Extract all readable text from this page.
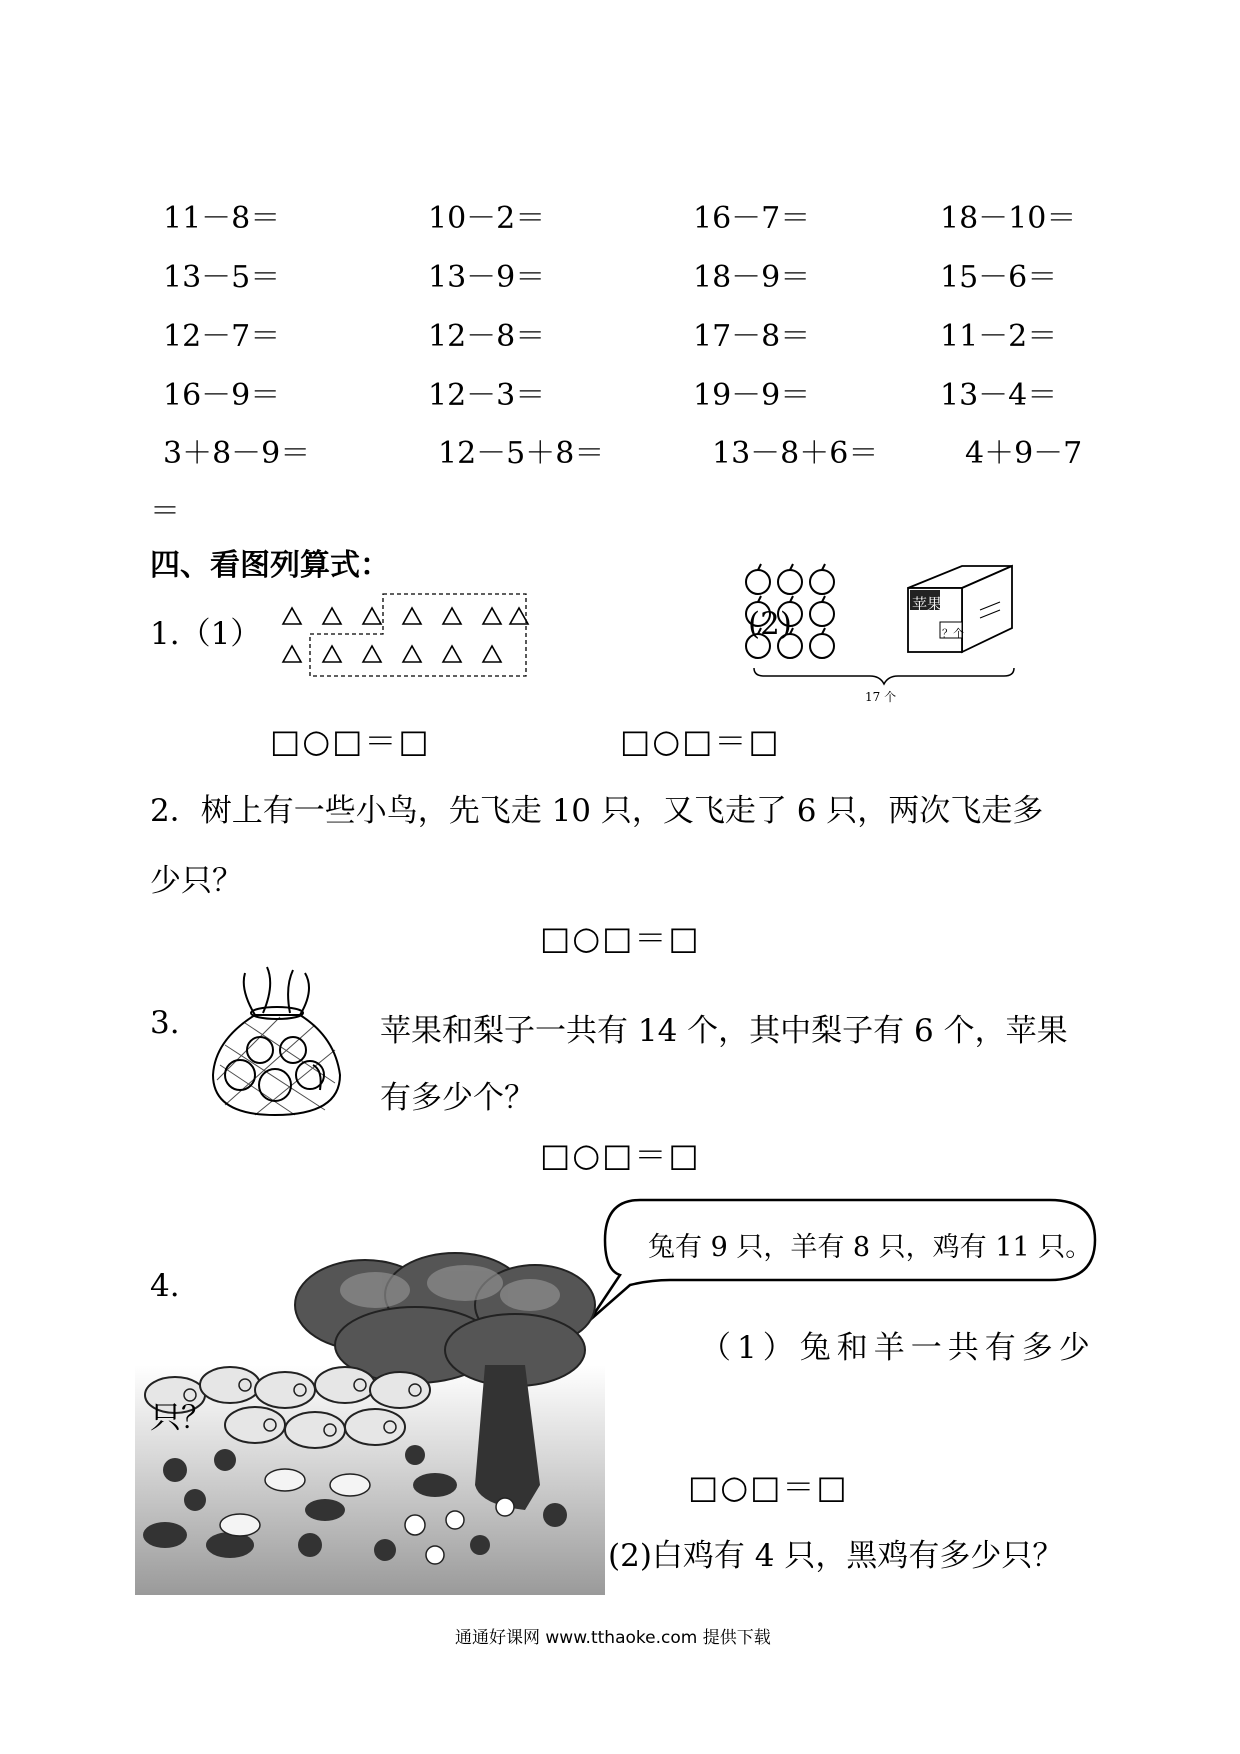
11－8＝	10－2＝	16－7＝	18－10＝
13－5＝	13－9＝	18－9＝	15－6＝
12－7＝	12－8＝	17－8＝	11－2＝
16－9＝	12－3＝	19－9＝	13－4＝
3＋8－9＝	12－5＋8＝	13－8＋6＝	4＋9－7
＝
四、看图列算式：
1.（1）
苹果
？个
17 个
(2)
□○□＝□	□○□＝□
2．树上有一些小鸟，先飞走 10 只，又飞走了 6 只，两次飞走多
少只？
□○□＝□
3.	苹果和梨子一共有 14 个，其中梨子有 6 个，苹果
有多少个？
□○□＝□
4.
兔有 9 只，羊有 8 只，鸡有 11 只。
（1）兔和羊一共有多少
只？
□○□＝□
(2)白鸡有 4 只，黑鸡有多少只？
通通好课网 www.tthaoke.com 提供下载
